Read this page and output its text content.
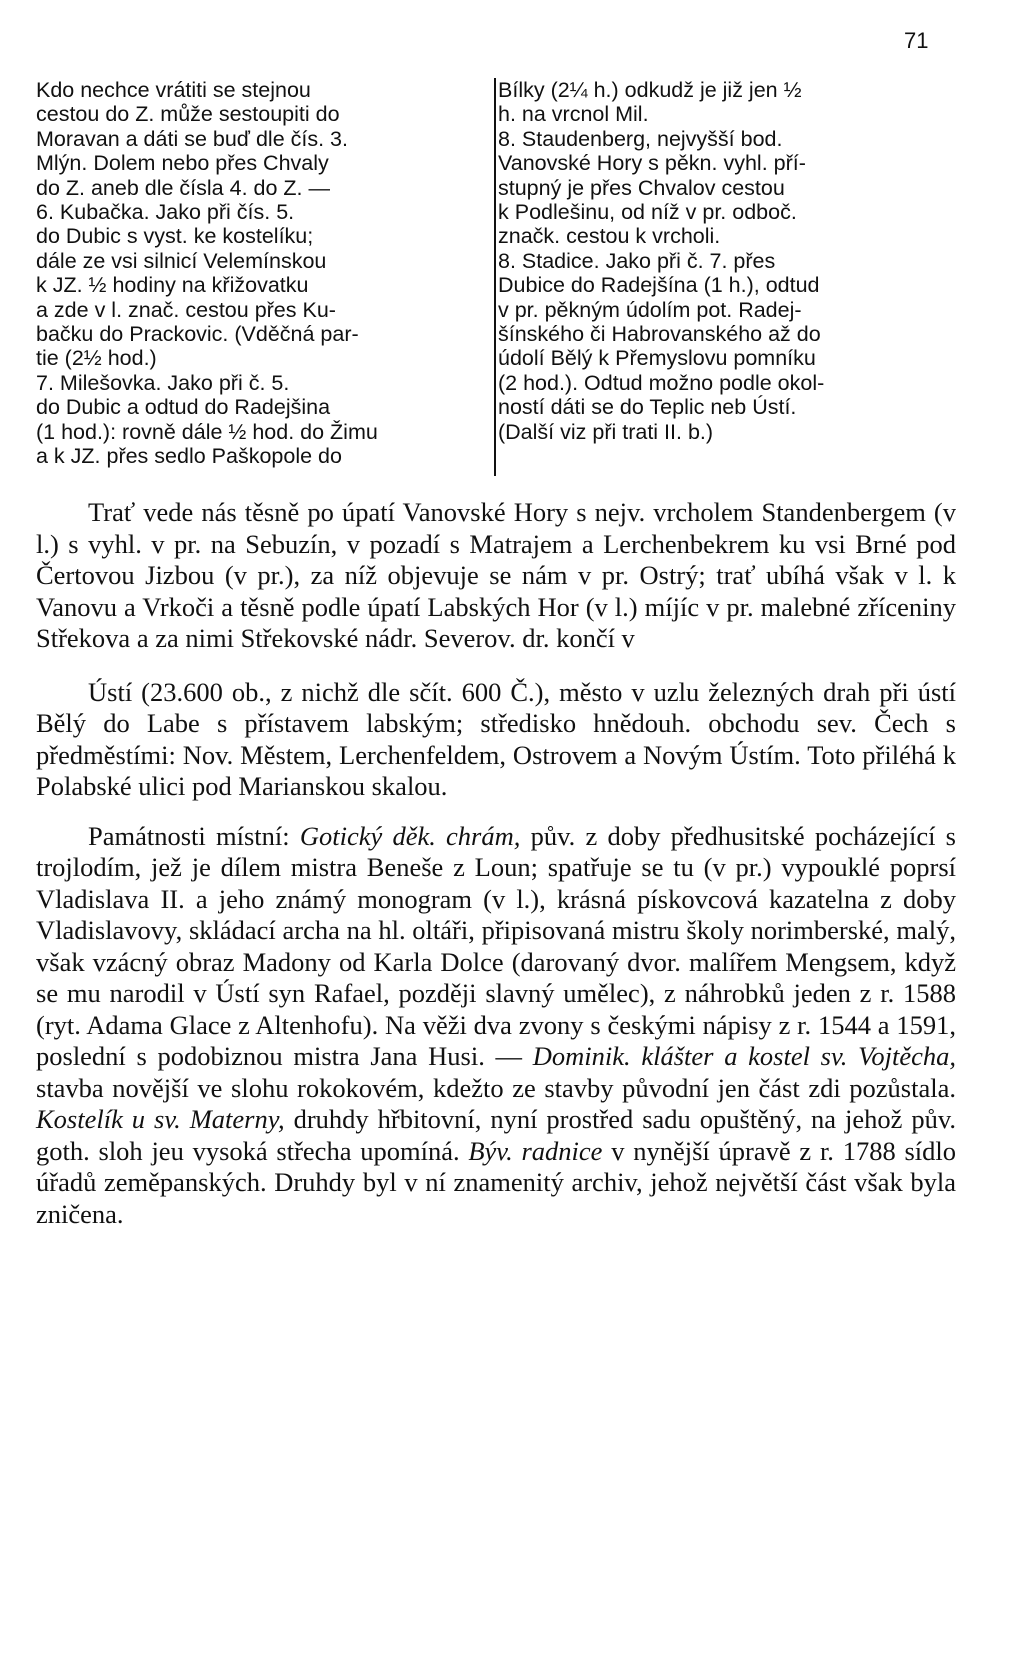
71
Kdo nechce vrátiti se stejnou
cestou do Z. může sestoupiti do
Moravan a dáti se buď dle čís. 3.
Mlýn. Dolem nebo přes Chvaly
do Z. aneb dle čísla 4. do Z. —
6. Kubačka. Jako při čís. 5.
do Dubic s vyst. ke kostelíku;
dále ze vsi silnicí Velemínskou
k JZ. ½ hodiny na křižovatku
a zde v l. znač. cestou přes Ku-
bačku do Prackovic. (Vděčná par-
tie (2½ hod.)
7. Milešovka. Jako při č. 5.
do Dubic a odtud do Radejšina
(1 hod.): rovně dále ½ hod. do Žimu
a k JZ. přes sedlo Paškopole do
Bílky (2¼ h.) odkudž je již jen ½
h. na vrcnol Mil.
8. Staudenberg, nejvyšší bod.
Vanovské Hory s pěkn. vyhl. pří-
stupný je přes Chvalov cestou
k Podlešinu, od níž v pr. odboč.
značk. cestou k vrcholi.
8. Stadice. Jako při č. 7. přes
Dubice do Radejšína (1 h.), odtud
v pr. pěkným údolím pot. Radej-
šínského či Habrovanského až do
údolí Bělý k Přemyslovu pomníku
(2 hod.). Odtud možno podle okol-
ností dáti se do Teplic neb Ústí.
(Další viz při trati II. b.)

Trať vede nás těsně po úpatí Vanovské Hory s nejv. vrcholem Standenbergem (v l.) s vyhl. v pr. na Sebuzín, v pozadí s Matrajem a Lerchenbekrem ku vsi Brné pod Čertovou Jizbou (v pr.), za níž objevuje se nám v pr. Ostrý; trať ubíhá však v l. k Vanovu a Vrkoči a těsně podle úpatí Labských Hor (v l.) míjíc v pr. malebné zříceniny Střekova a za nimi Střekovské nádr. Severov. dr. končí v

Ústí (23.600 ob., z nichž dle sčít. 600 Č.), město v uzlu železných drah při ústí Bělý do Labe s přístavem labským; středisko hnědouh. obchodu sev. Čech s předměstími: Nov. Městem, Lerchenfeldem, Ostrovem a Novým Ústím. Toto přiléhá k Polabské ulici pod Marianskou skalou.

Památnosti místní: Gotický děk. chrám, pův. z doby předhusitské pocházející s trojlodím, jež je dílem mistra Beneše z Loun; spatřuje se tu (v pr.) vypouklé poprsí Vladislava II. a jeho známý monogram (v l.), krásná pískovcová kazatelna z doby Vladislavovy, skládací archa na hl. oltáři, připisovaná mistru školy norimberské, malý, však vzácný obraz Madony od Karla Dolce (darovaný dvor. malířem Mengsem, když se mu narodil v Ústí syn Rafael, později slavný umělec), z náhrobků jeden z r. 1588 (ryt. Adama Glace z Altenhofu). Na věži dva zvony s českými nápisy z r. 1544 a 1591, poslední s podobiznou mistra Jana Husi. — Dominik. klášter a kostel sv. Vojtěcha, stavba novější ve slohu rokokovém, kdežto ze stavby původní jen část zdi pozůstala. Kostelík u sv. Materny, druhdy hřbitovní, nyní prostřed sadu opuštěný, na jehož pův. goth. sloh jeu vysoká střecha upomíná. Býv. radnice v nynější úpravě z r. 1788 sídlo úřadů zeměpanských. Druhdy byl v ní znamenitý archiv, jehož největší část však byla zničena.
